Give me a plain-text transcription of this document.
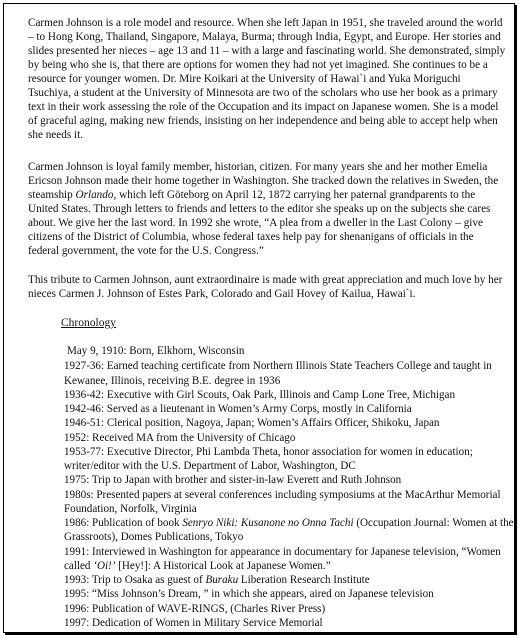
Carmen Johnson is a role model and resource. When she left Japan in 1951, she traveled around the world – to Hong Kong, Thailand, Singapore, Malaya, Burma; through India, Egypt, and Europe. Her stories and slides presented her nieces – age 13 and 11 – with a large and fascinating world. She demonstrated, simply by being who she is, that there are options for women they had not yet imagined. She continues to be a resource for younger women. Dr. Mire Koikari at the University of Hawai`i and Yuka Moriguchi Tsuchiya, a student at the University of Minnesota are two of the scholars who use her book as a primary text in their work assessing the role of the Occupation and its impact on Japanese women. She is a model of graceful aging, making new friends, insisting on her independence and being able to accept help when she needs it.

Carmen Johnson is loyal family member, historian, citizen. For many years she and her mother Emelia Ericson Johnson made their home together in Washington. She tracked down the relatives in Sweden, the steamship Orlando, which left Göteborg on April 12, 1872 carrying her paternal grandparents to the United States. Through letters to friends and letters to the editor she speaks up on the subjects she cares about. We give her the last word. In 1992 she wrote, “A plea from a dweller in the Last Colony – give citizens of the District of Columbia, whose federal taxes help pay for shenanigans of officials in the federal government, the vote for the U.S. Congress.”

This tribute to Carmen Johnson, aunt extraordinaire is made with great appreciation and much love by her nieces Carmen J. Johnson of Estes Park, Colorado and Gail Hovey of Kailua, Hawai`i.

Chronology
May 9, 1910: Born, Elkhorn, Wisconsin
1927-36: Earned teaching certificate from Northern Illinois State Teachers College and taught in Kewanee, Illinois, receiving B.E. degree in 1936
1936-42: Executive with Girl Scouts, Oak Park, Illinois and Camp Lone Tree, Michigan
1942-46: Served as a lieutenant in Women’s Army Corps, mostly in California
1946-51: Clerical position, Nagoya, Japan; Women’s Affairs Officer, Shikoku, Japan
1952: Received MA from the University of Chicago
1953-77: Executive Director, Phi Lambda Theta, honor association for women in education; writer/editor with the U.S. Department of Labor, Washington, DC
1975: Trip to Japan with brother and sister-in-law Everett and Ruth Johnson
1980s: Presented papers at several conferences including symposiums at the MacArthur Memorial Foundation, Norfolk, Virginia
1986: Publication of book Senryo Niki: Kusanone no Onna Tachi (Occupation Journal: Women at the Grassroots), Domes Publications, Tokyo
1991: Interviewed in Washington for appearance in documentary for Japanese television, “Women called ‘Oi!’ [Hey!]: A Historical Look at Japanese Women.”
1993: Trip to Osaka as guest of Buraku Liberation Research Institute
1995: “Miss Johnson’s Dream, ” in which she appears, aired on Japanese television
1996: Publication of WAVE-RINGS, (Charles River Press)
1997: Dedication of Women in Military Service Memorial
